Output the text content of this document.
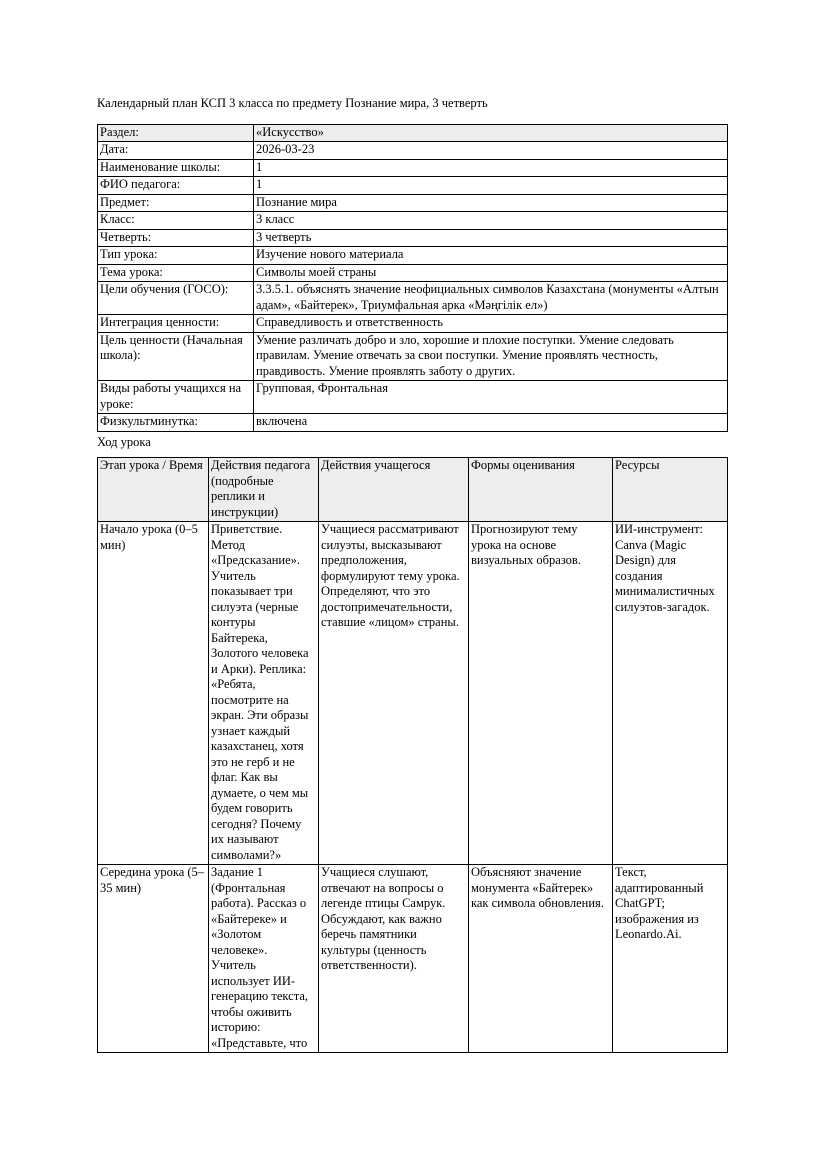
Календарный план КСП 3 класса по предмету Познание мира, 3 четверть

Раздел:	«Искусство»
Дата:	2026-03-23
Наименование школы:	1
ФИО педагога:	1
Предмет:	Познание мира
Класс:	3 класс
Четверть:	3 четверть
Тип урока:	Изучение нового материала
Тема урока:	Символы моей страны
Цели обучения (ГОСО):	3.3.5.1. объяснять значение неофициальных символов Казахстана (монументы «Алтын адам», «Байтерек», Триумфальная арка «Мәңгілік ел»)
Интеграция ценности:	Справедливость и ответственность
Цель ценности (Начальная школа):	Умение различать добро и зло, хорошие и плохие поступки. Умение следовать правилам. Умение отвечать за свои поступки. Умение проявлять честность, правдивость. Умение проявлять заботу о других.
Виды работы учащихся на уроке:	Групповая, Фронтальная
Физкультминутка:	включена

Ход урока

Этап урока / Время	Действия педагога (подробные реплики и инструкции)	Действия учащегося	Формы оценивания	Ресурсы
Начало урока (0–5 мин)	Приветствие. Метод «Предсказание». Учитель показывает три силуэта (черные контуры Байтерека, Золотого человека и Арки). Реплика: «Ребята, посмотрите на экран. Эти образы узнает каждый казахстанец, хотя это не герб и не флаг. Как вы думаете, о чем мы будем говорить сегодня? Почему их называют символами?»	Учащиеся рассматривают силуэты, высказывают предположения, формулируют тему урока. Определяют, что это достопримечательности, ставшие «лицом» страны.	Прогнозируют тему урока на основе визуальных образов.	ИИ-инструмент: Canva (Magic Design) для создания минималистичных силуэтов-загадок.
Середина урока (5–35 мин)	Задание 1 (Фронтальная работа). Рассказ о «Байтереке» и «Золотом человеке». Учитель использует ИИ-генерацию текста, чтобы оживить историю: «Представьте, что	Учащиеся слушают, отвечают на вопросы о легенде птицы Самрук. Обсуждают, как важно беречь памятники культуры (ценность ответственности).	Объясняют значение монумента «Байтерек» как символа обновления.	Текст, адаптированный ChatGPT; изображения из Leonardo.Ai.
